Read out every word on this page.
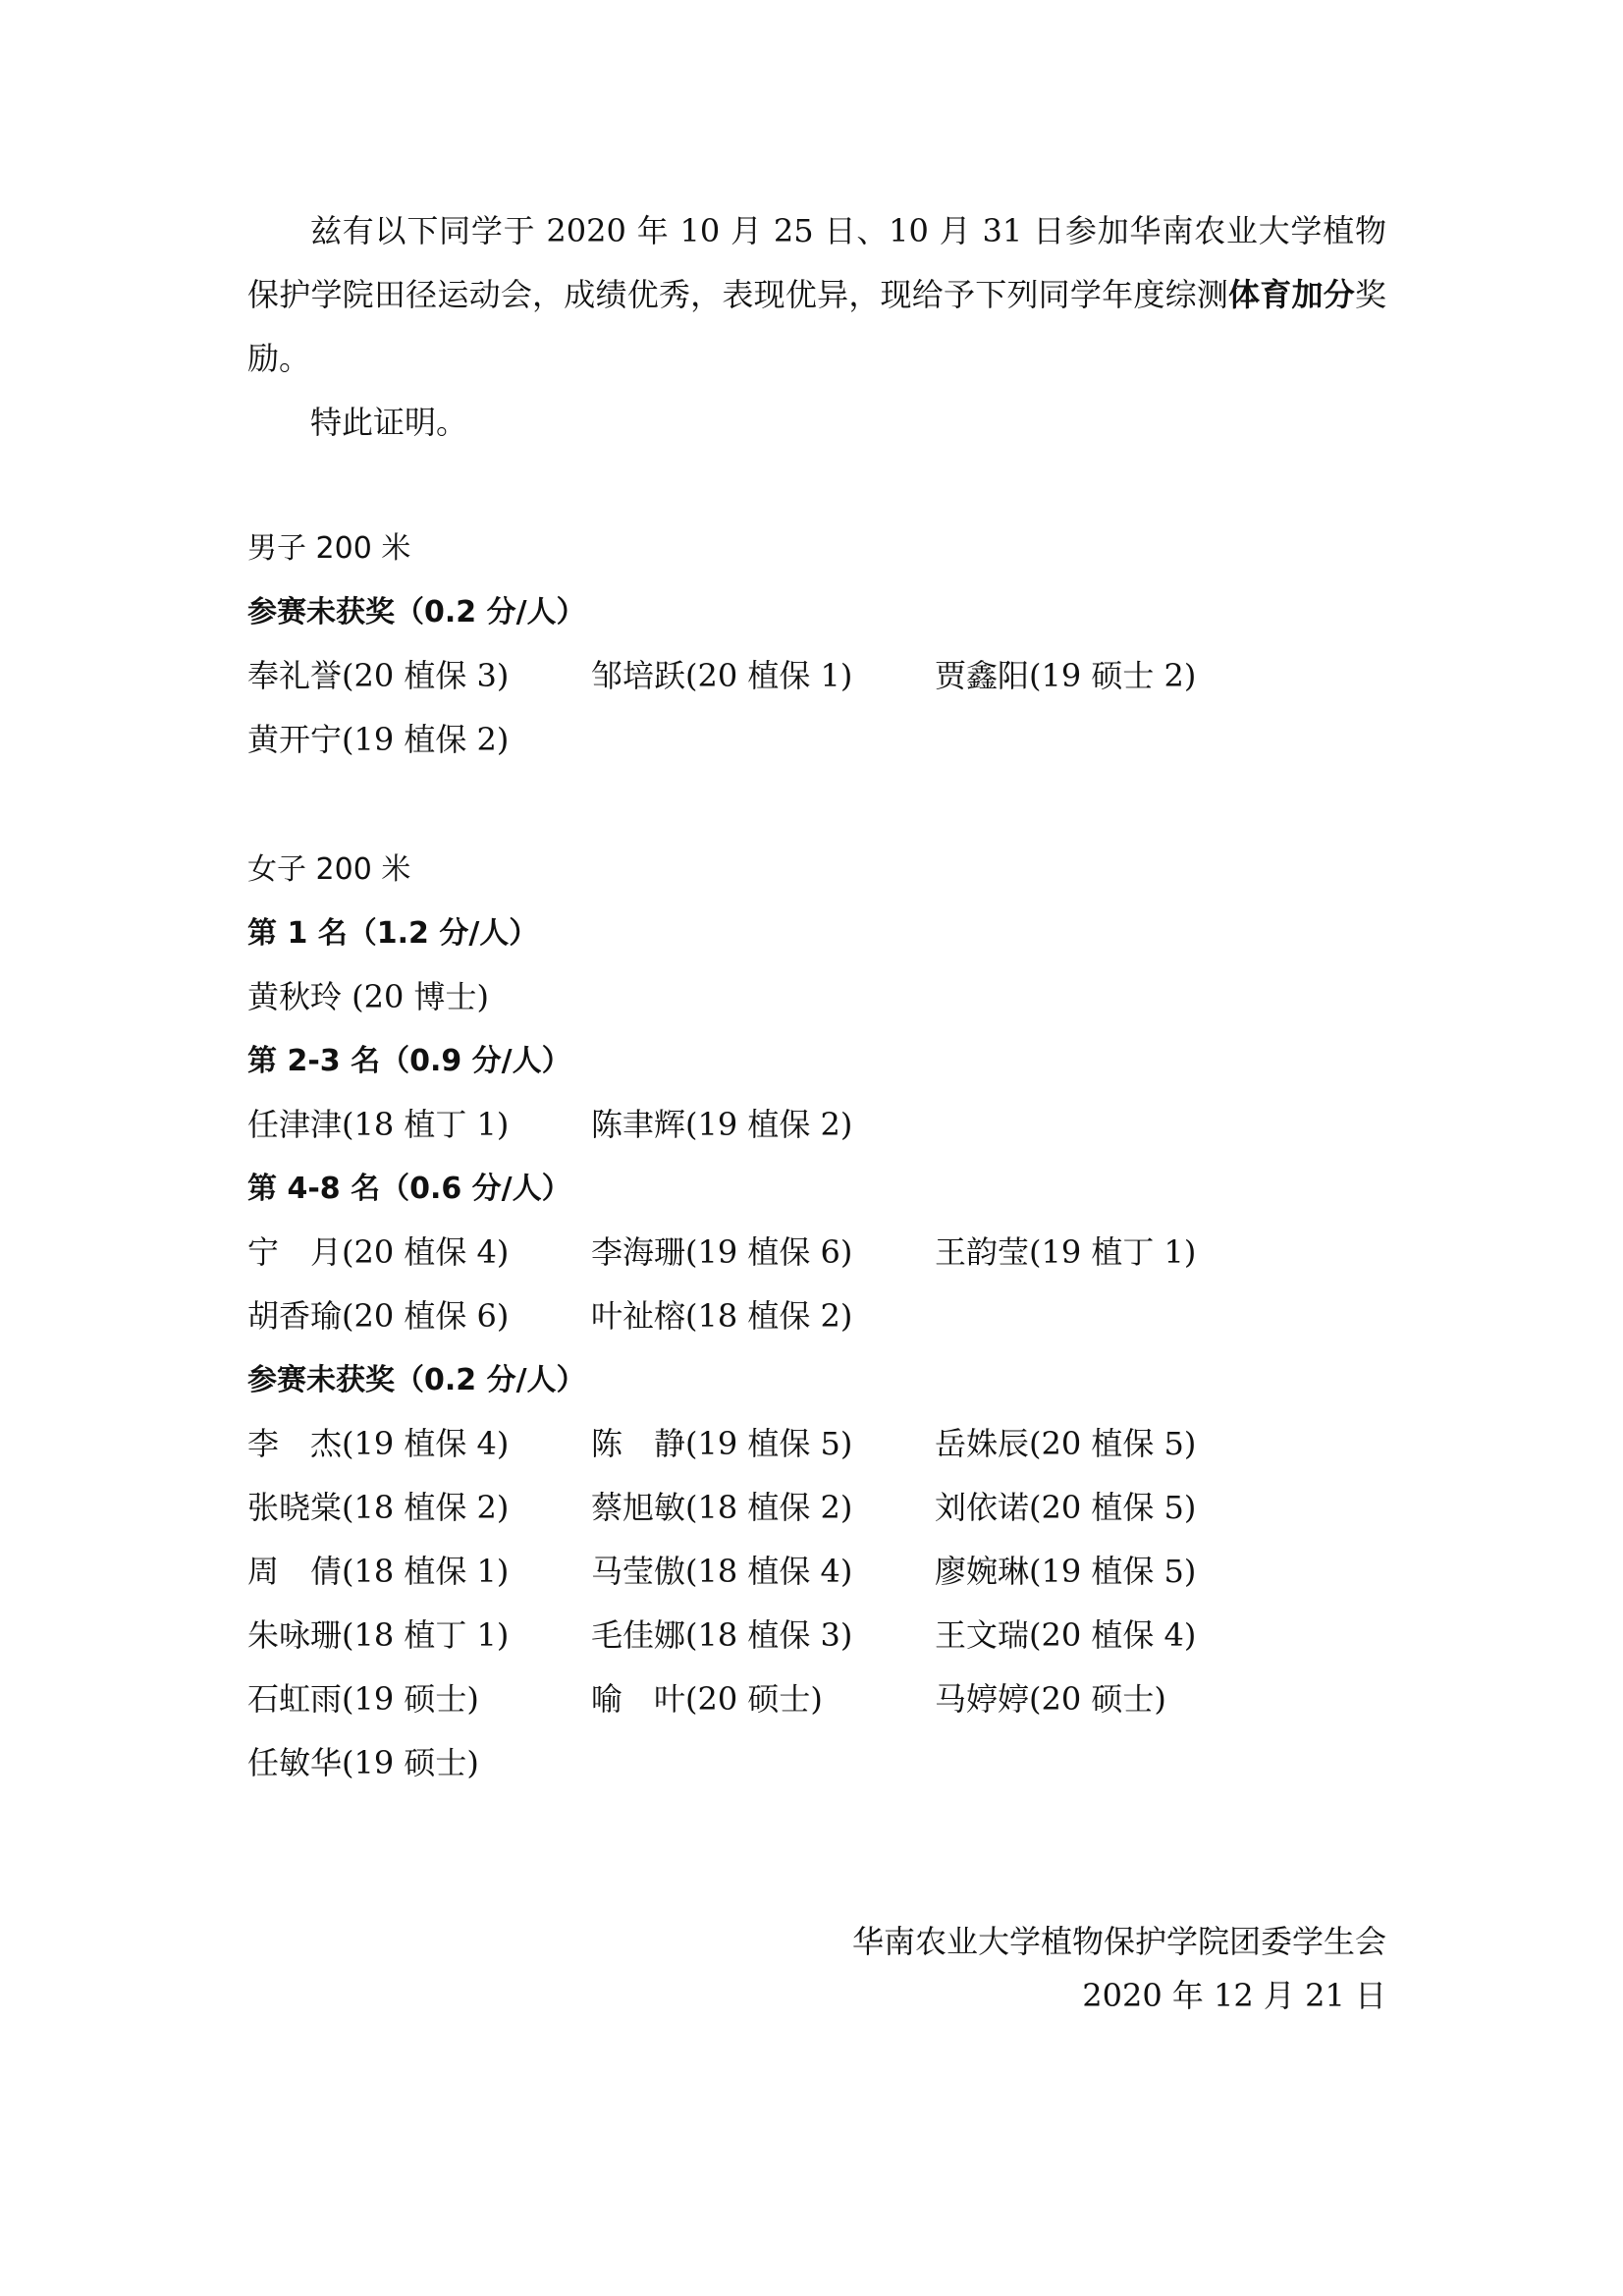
兹有以下同学于 2020 年 10 月 25 日、10 月 31 日参加华南农业大学植物保护学院田径运动会，成绩优秀，表现优异，现给予下列同学年度综测体育加分奖励。

特此证明。

男子 200 米
参赛未获奖（0.2 分/人）
奉礼誉(20 植保 3)	邹培跃(20 植保 1)	贾鑫阳(19 硕士 2)
黄开宁(19 植保 2)
女子 200 米
第 1 名（1.2 分/人）
黄秋玲 (20 博士)
第 2-3 名（0.9 分/人）
任津津(18 植丁 1)	陈聿辉(19 植保 2)
第 4-8 名（0.6 分/人）
宁　月(20 植保 4)	李海珊(19 植保 6)	王韵莹(19 植丁 1)
胡香瑜(20 植保 6)	叶祉榕(18 植保 2)
参赛未获奖（0.2 分/人）
李　杰(19 植保 4)	陈　静(19 植保 5)	岳姝辰(20 植保 5)
张晓棠(18 植保 2)	蔡旭敏(18 植保 2)	刘依诺(20 植保 5)
周　倩(18 植保 1)	马莹傲(18 植保 4)	廖婉琳(19 植保 5)
朱咏珊(18 植丁 1)	毛佳娜(18 植保 3)	王文瑞(20 植保 4)
石虹雨(19 硕士)	喻　叶(20 硕士)	马婷婷(20 硕士)
任敏华(19 硕士)
华南农业大学植物保护学院团委学生会
2020 年 12 月 21 日
